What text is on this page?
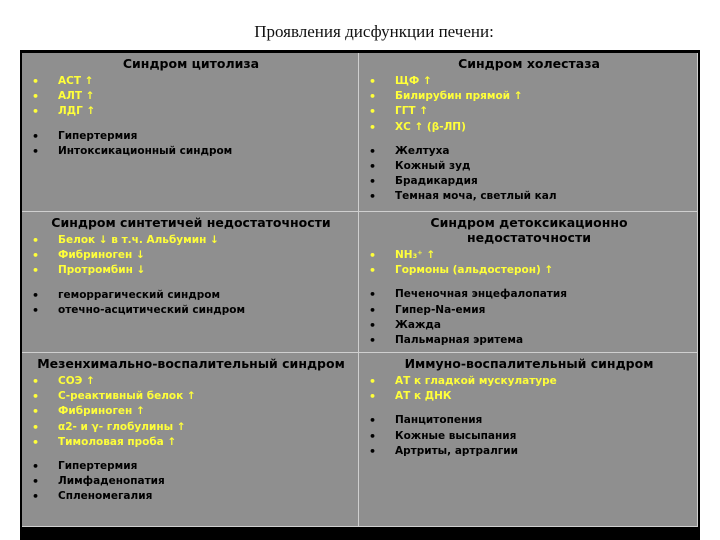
Проявления дисфункции печени:
Синдром цитолиза
• АСТ ↑
• АЛТ ↑
• ЛДГ ↑
• Гипертермия
• Интоксикационный синдром
Синдром холестаза
• ЩФ ↑
• Билирубин прямой ↑
• ГГТ ↑
• ХС ↑ (β-ЛП)
• Желтуха
• Кожный зуд
• Брадикардия
• Темная моча, светлый кал
Синдром синтетичей недостаточности
• Белок ↓ в т.ч. Альбумин ↓
• Фибриноген ↓
• Протромбин ↓
• геморрагический синдром
• отечно-асцитический синдром
Синдром детоксикационно недостаточности
• NH₃⁺ ↑
• Гормоны (альдостерон) ↑
• Печеночная энцефалопатия
• Гипер-Na-емия
• Жажда
• Пальмарная эритема
Мезенхимально-воспалительный синдром
• СОЭ ↑
• С-реактивный белок ↑
• Фибриноген ↑
• α2- и γ- глобулины ↑
• Тимоловая проба ↑
• Гипертермия
• Лимфаденопатия
• Спленомегалия
Иммуно-воспалительный синдром
• АТ к гладкой мускулатуре
• АТ к ДНК
• Панцитопения
• Кожные высыпания
• Артриты, артралгии
